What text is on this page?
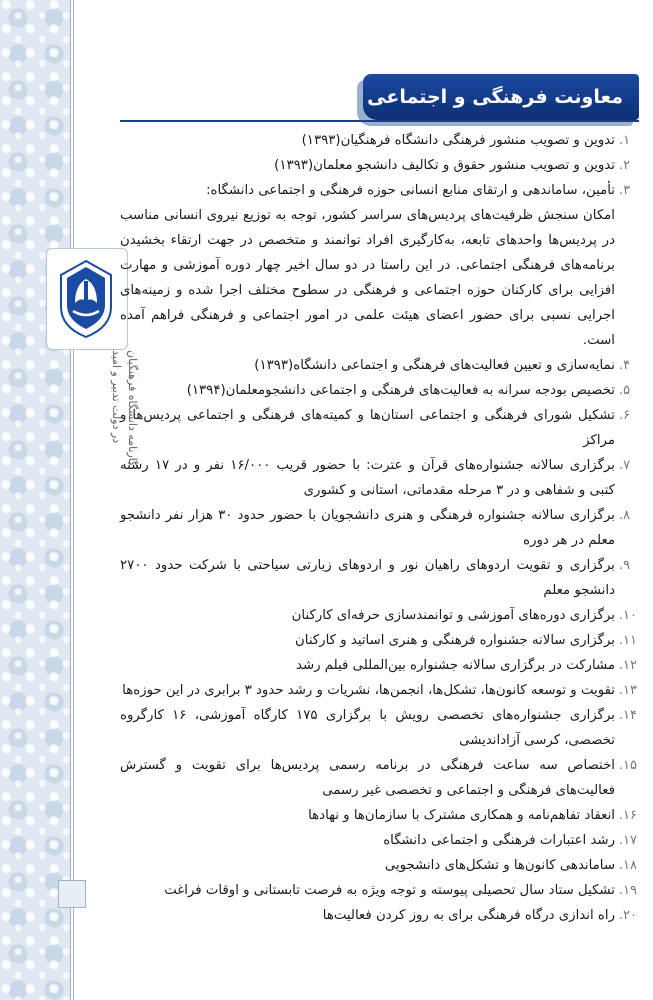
کارنامه دانشگاه فرهنگیان
در دولت تدبیر و امید
معاونت فرهنگی و اجتماعی
۱.
تدوین و تصویب منشور فرهنگی دانشگاه فرهنگیان(۱۳۹۳)
۲.
تدوین و تصویب منشور حقوق و تکالیف دانشجو معلمان(۱۳۹۳)
۳.
تأمین، ساماندهی و ارتقای منابع انسانی حوزه فرهنگی و اجتماعی دانشگاه:
امکان سنجش ظرفیت‌های پردیس‌های سراسر کشور، توجه به توزیع نیروی انسانی مناسب در پردیس‌ها واحدهای تابعه، به‌کارگیری افراد توانمند و متخصص در جهت ارتقاء بخشیدن برنامه‌های فرهنگی اجتماعی. در این راستا در دو سال اخیر چهار دوره آموزشی و مهارت افزایی برای کارکنان حوزه اجتماعی و فرهنگی در سطوح مختلف اجرا شده و زمینه‌های اجرایی نسبی برای حضور اعضای هیئت علمی در امور اجتماعی و فرهنگی فراهم آمده است.
۴.
نمایه‌سازی و تعیین فعالیت‌های فرهنگی و اجتماعی دانشگاه(۱۳۹۳)
۵.
تخصیص بودجه سرانه به فعالیت‌های فرهنگی و اجتماعی دانشجومعلمان(۱۳۹۴)
۶.
تشکیل شورای فرهنگی و اجتماعی استان‌ها و کمیته‌های فرهنگی و اجتماعی پردیس‌ها و مراکز
۷.
برگزاری سالانه جشنواره‌های قرآن و عترت: با حضور قریب ۱۶/۰۰۰ نفر و در ۱۷ رشته کتبی و شفاهی و در ۳ مرحله مقدماتی، استانی و کشوری
۸.
برگزاری سالانه جشنواره فرهنگی و هنری دانشجویان با حضور حدود ۳۰ هزار نفر دانشجو معلم در هر دوره
۹.
برگزاری و تقویت اردوهای راهیان نور و اردوهای زیارتی سیاحتی با شرکت حدود ۲۷۰۰ دانشجو معلم
۱۰.
برگزاری دوره‌های آموزشی و توانمندسازی حرفه‌ای کارکنان
۱۱.
برگزاری سالانه جشنواره فرهنگی و هنری اساتید و کارکنان
۱۲.
مشارکت در برگزاری سالانه جشنواره بین‌المللی فیلم رشد
۱۳.
تقویت و توسعه کانون‌ها، تشکل‌ها، انجمن‌ها، نشریات و رشد حدود ۳ برابری در این حوزه‌ها
۱۴.
برگزاری جشنواره‌های تخصصی رویش با برگزاری ۱۷۵ کارگاه آموزشی، ۱۶ کارگروه تخصصی، کرسی آزاداندیشی
۱۵.
اختصاص سه ساعت فرهنگی در برنامه رسمی پردیس‌ها برای تقویت و گسترش فعالیت‌های فرهنگی و اجتماعی و تخصصی غیر رسمی
۱۶.
انعقاد تفاهم‌نامه و همکاری مشترک با سازمان‌ها و نهادها
۱۷.
رشد اعتبارات فرهنگی و اجتماعی دانشگاه
۱۸.
ساماندهی کانون‌ها و تشکل‌های دانشجویی
۱۹.
تشکیل ستاد سال تحصیلی پیوسته و توجه ویژه به فرصت تابستانی و اوقات فراغت
۲۰.
راه اندازی درگاه فرهنگی برای به روز کردن فعالیت‌ها
